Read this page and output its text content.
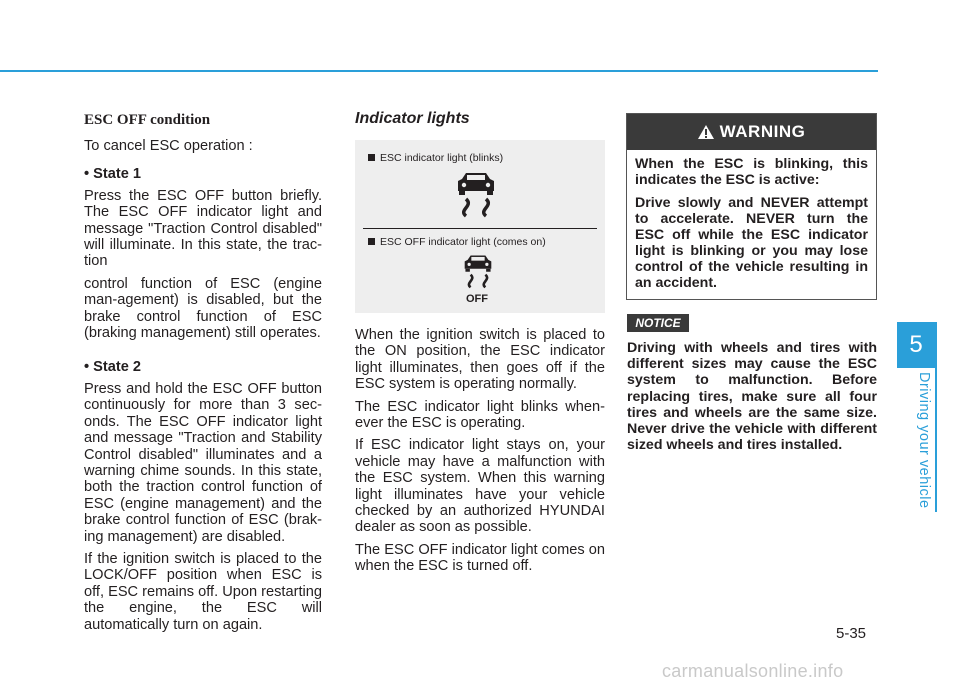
ESC OFF condition

To cancel ESC operation :

• State 1

Press the ESC OFF button briefly. The ESC OFF indicator light and message "Traction Control disabled" will illuminate. In this state, the trac-tion

control function of ESC (engine man-agement) is disabled, but the brake control function of ESC (braking management) still operates.

• State 2

Press and hold the ESC OFF button continuously for more than 3 sec-onds. The ESC OFF indicator light and message "Traction and Stability Control disabled" illuminates and a warning chime sounds. In this state, both the traction control function of ESC (engine management) and the brake control function of ESC (brak-ing management) are disabled.

If the ignition switch is placed to the LOCK/OFF position when ESC is off, ESC remains off. Upon restarting the engine, the ESC will automatically turn on again.

Indicator lights
ESC indicator light (blinks)
ESC OFF indicator light (comes on)
OFF

When the ignition switch is placed to the ON position, the ESC indicator light illuminates, then goes off if the ESC system is operating normally.

The ESC indicator light blinks when-ever the ESC is operating.

If ESC indicator light stays on, your vehicle may have a malfunction with the ESC system. When this warning light illuminates have your vehicle checked by an authorized HYUNDAI dealer as soon as possible.

The ESC OFF indicator light comes on when the ESC is turned off.

WARNING

When the ESC is blinking, this indicates the ESC is active:

Drive slowly and NEVER attempt to accelerate. NEVER turn the ESC off while the ESC indicator light is blinking or you may lose control of the vehicle resulting in an accident.

NOTICE

Driving with wheels and tires with different sizes may cause the ESC system to malfunction. Before replacing tires, make sure all four tires and wheels are the same size. Never drive the vehicle with different sized wheels and tires installed.

5
Driving your vehicle
5-35
carmanualsonline.info
